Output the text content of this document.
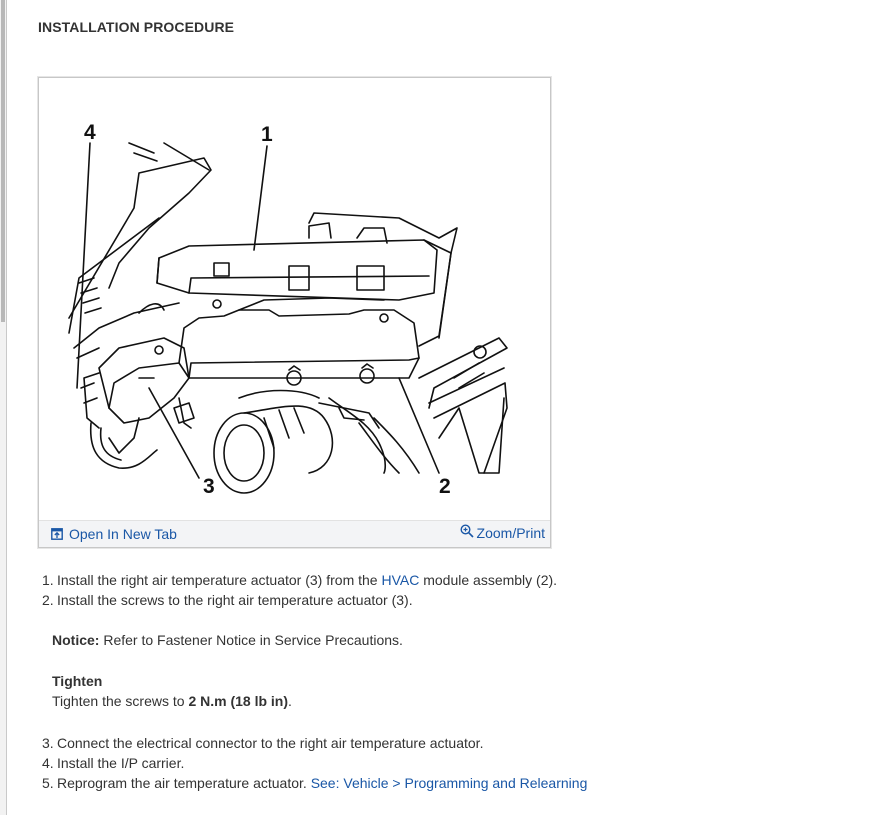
INSTALLATION PROCEDURE
4	1
3	2
Open In New Tab	Zoom/Print
1. Install the right air temperature actuator (3) from the HVAC module assembly (2).
2. Install the screws to the right air temperature actuator (3).
Notice: Refer to Fastener Notice in Service Precautions.
Tighten
Tighten the screws to 2 N.m (18 lb in).
3. Connect the electrical connector to the right air temperature actuator.
4. Install the I/P carrier.
5. Reprogram the air temperature actuator. See: Vehicle > Programming and Relearning
